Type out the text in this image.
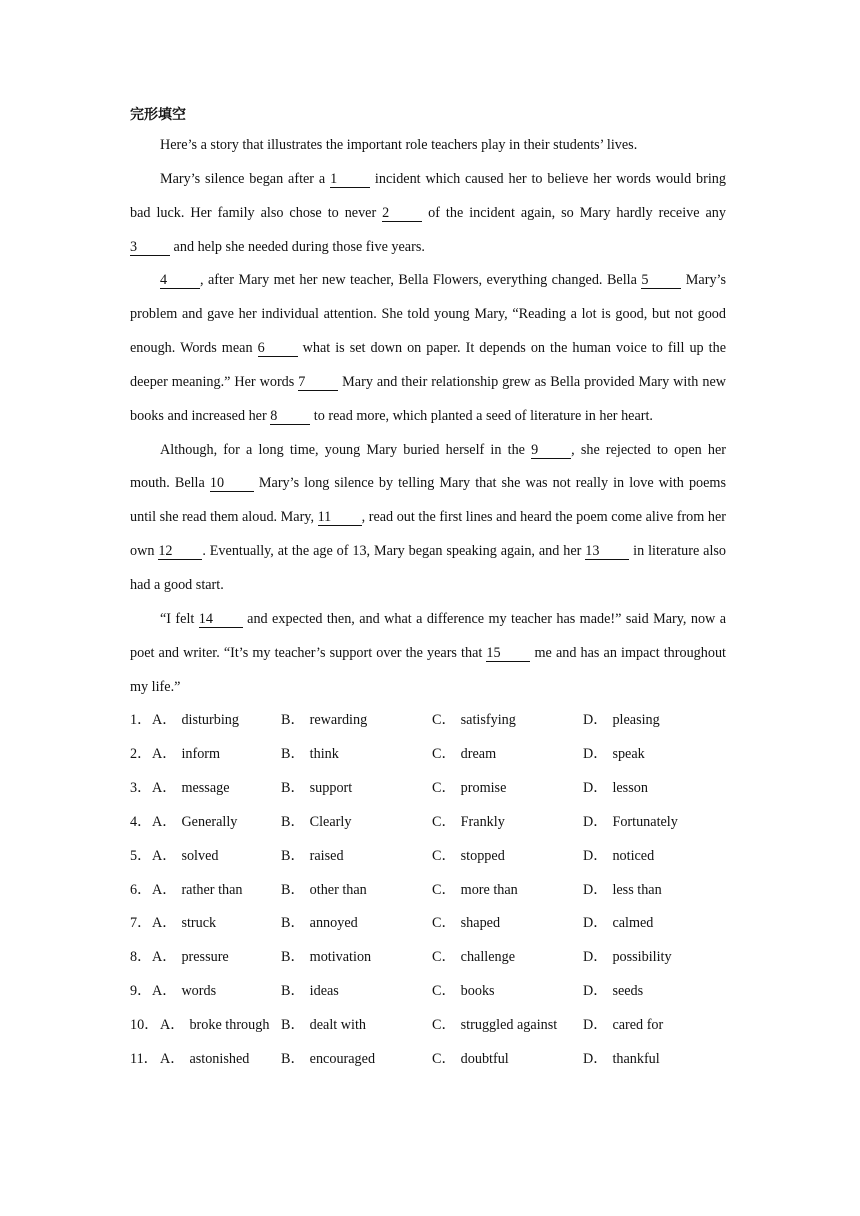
完形填空

Here’s a story that illustrates the important role teachers play in their students’ lives.

Mary’s silence began after a 1 incident which caused her to believe her words would bring bad luck. Her family also chose to never 2 of the incident again, so Mary hardly receive any 3 and help she needed during those five years.

4 , after Mary met her new teacher, Bella Flowers, everything changed. Bella 5 Mary’s problem and gave her individual attention. She told young Mary, “Reading a lot is good, but not good enough. Words mean 6 what is set down on paper. It depends on the human voice to fill up the deeper meaning.” Her words 7 Mary and their relationship grew as Bella provided Mary with new books and increased her 8 to read more, which planted a seed of literature in her heart.

Although, for a long time, young Mary buried herself in the 9 , she rejected to open her mouth. Bella 10 Mary’s long silence by telling Mary that she was not really in love with poems until she read them aloud. Mary, 11 , read out the first lines and heard the poem come alive from her own 12 . Eventually, at the age of 13, Mary began speaking again, and her 13 in literature also had a good start.

“I felt 14 and expected then, and what a difference my teacher has made!” said Mary, now a poet and writer. “It’s my teacher’s support over the years that 15 me and has an impact throughout my life.”

1． A． disturbing	B． rewarding	C． satisfying	D． pleasing
2． A． inform	B． think	C． dream	D． speak
3． A． message	B． support	C． promise	D． lesson
4． A． Generally	B． Clearly	C． Frankly	D． Fortunately
5． A． solved	B． raised	C． stopped	D． noticed
6． A． rather than	B． other than	C． more than	D． less than
7． A． struck	B． annoyed	C． shaped	D． calmed
8． A． pressure	B． motivation	C． challenge	D． possibility
9． A． words	B． ideas	C． books	D． seeds
10． A． broke through B． dealt with	C． struggled against	D． cared for
11． A． astonished	B． encouraged	C． doubtful	D． thankful
